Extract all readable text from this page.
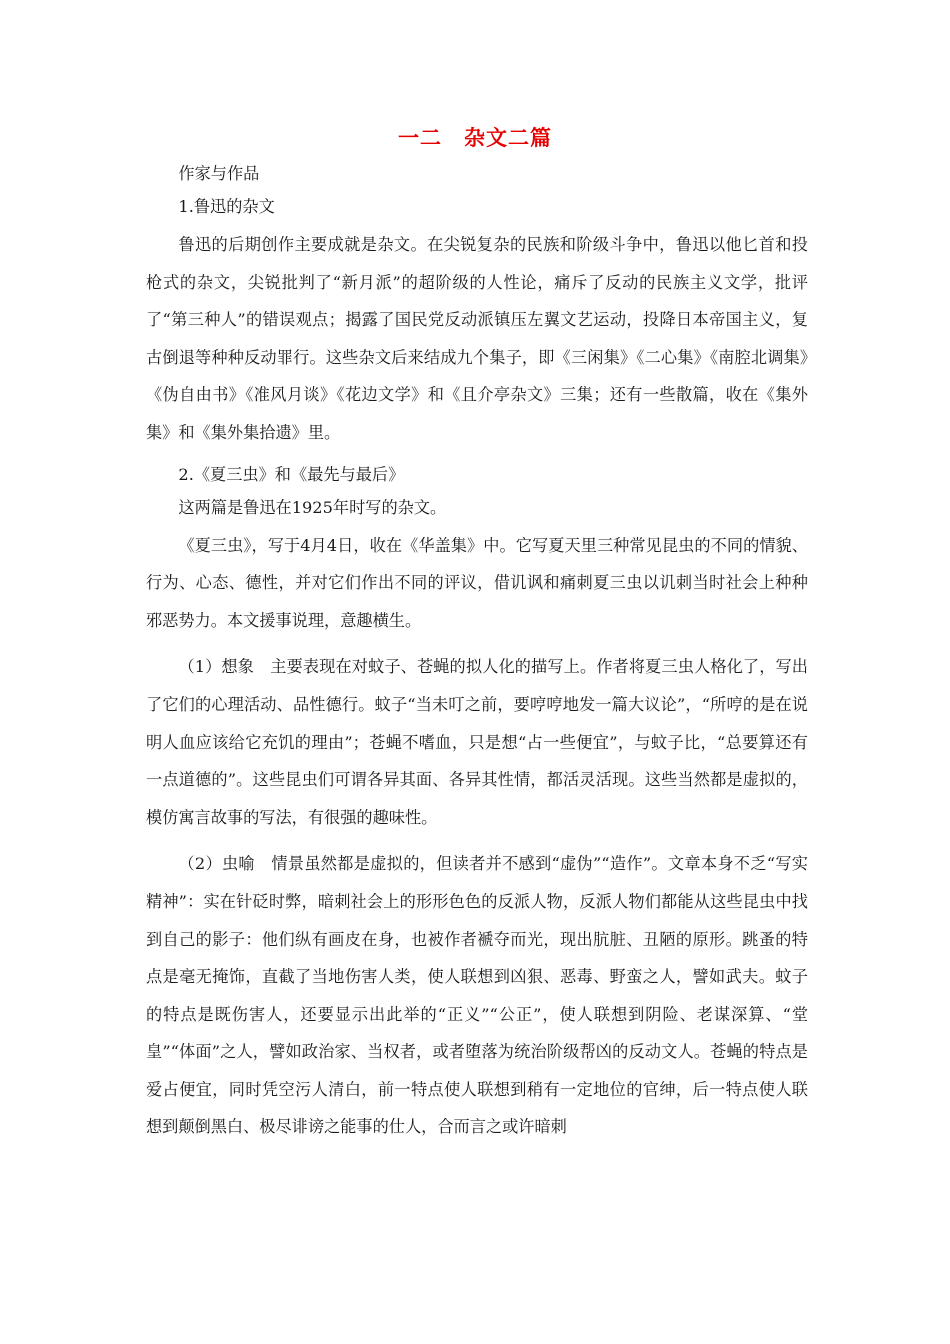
一二　杂文二篇
作家与作品
1.鲁迅的杂文

鲁迅的后期创作主要成就是杂文。在尖锐复杂的民族和阶级斗争中，鲁迅以他匕首和投枪式的杂文，尖锐批判了“新月派”的超阶级的人性论，痛斥了反动的民族主义文学，批评了“第三种人”的错误观点；揭露了国民党反动派镇压左翼文艺运动，投降日本帝国主义，复古倒退等种种反动罪行。这些杂文后来结成九个集子，即《三闲集》《二心集》《南腔北调集》《伪自由书》《准风月谈》《花边文学》和《且介亭杂文》三集；还有一些散篇，收在《集外集》和《集外集拾遗》里。

2.《夏三虫》和《最先与最后》
这两篇是鲁迅在1925年时写的杂文。

《夏三虫》，写于4月4日，收在《华盖集》中。它写夏天里三种常见昆虫的不同的情貌、行为、心态、德性，并对它们作出不同的评议，借讥讽和痛刺夏三虫以讥刺当时社会上种种邪恶势力。本文援事说理，意趣横生。

（1）想象　主要表现在对蚊子、苍蝇的拟人化的描写上。作者将夏三虫人格化了，写出了它们的心理活动、品性德行。蚊子“当未叮之前，要哼哼地发一篇大议论”，“所哼的是在说明人血应该给它充饥的理由”；苍蝇不嗜血，只是想“占一些便宜”，与蚊子比，“总要算还有一点道德的”。这些昆虫们可谓各异其面、各异其性情，都活灵活现。这些当然都是虚拟的，模仿寓言故事的写法，有很强的趣味性。

（2）虫喻　情景虽然都是虚拟的，但读者并不感到“虚伪”“造作”。文章本身不乏“写实精神”：实在针砭时弊，暗刺社会上的形形色色的反派人物，反派人物们都能从这些昆虫中找到自己的影子：他们纵有画皮在身，也被作者褫夺而光，现出肮脏、丑陋的原形。跳蚤的特点是毫无掩饰，直截了当地伤害人类，使人联想到凶狠、恶毒、野蛮之人，譬如武夫。蚊子的特点是既伤害人，还要显示出此举的“正义”“公正”，使人联想到阴险、老谋深算、“堂皇”“体面”之人，譬如政治家、当权者，或者堕落为统治阶级帮凶的反动文人。苍蝇的特点是爱占便宜，同时凭空污人清白，前一特点使人联想到稍有一定地位的官绅，后一特点使人联想到颠倒黑白、极尽诽谤之能事的仕人，合而言之或许暗刺
